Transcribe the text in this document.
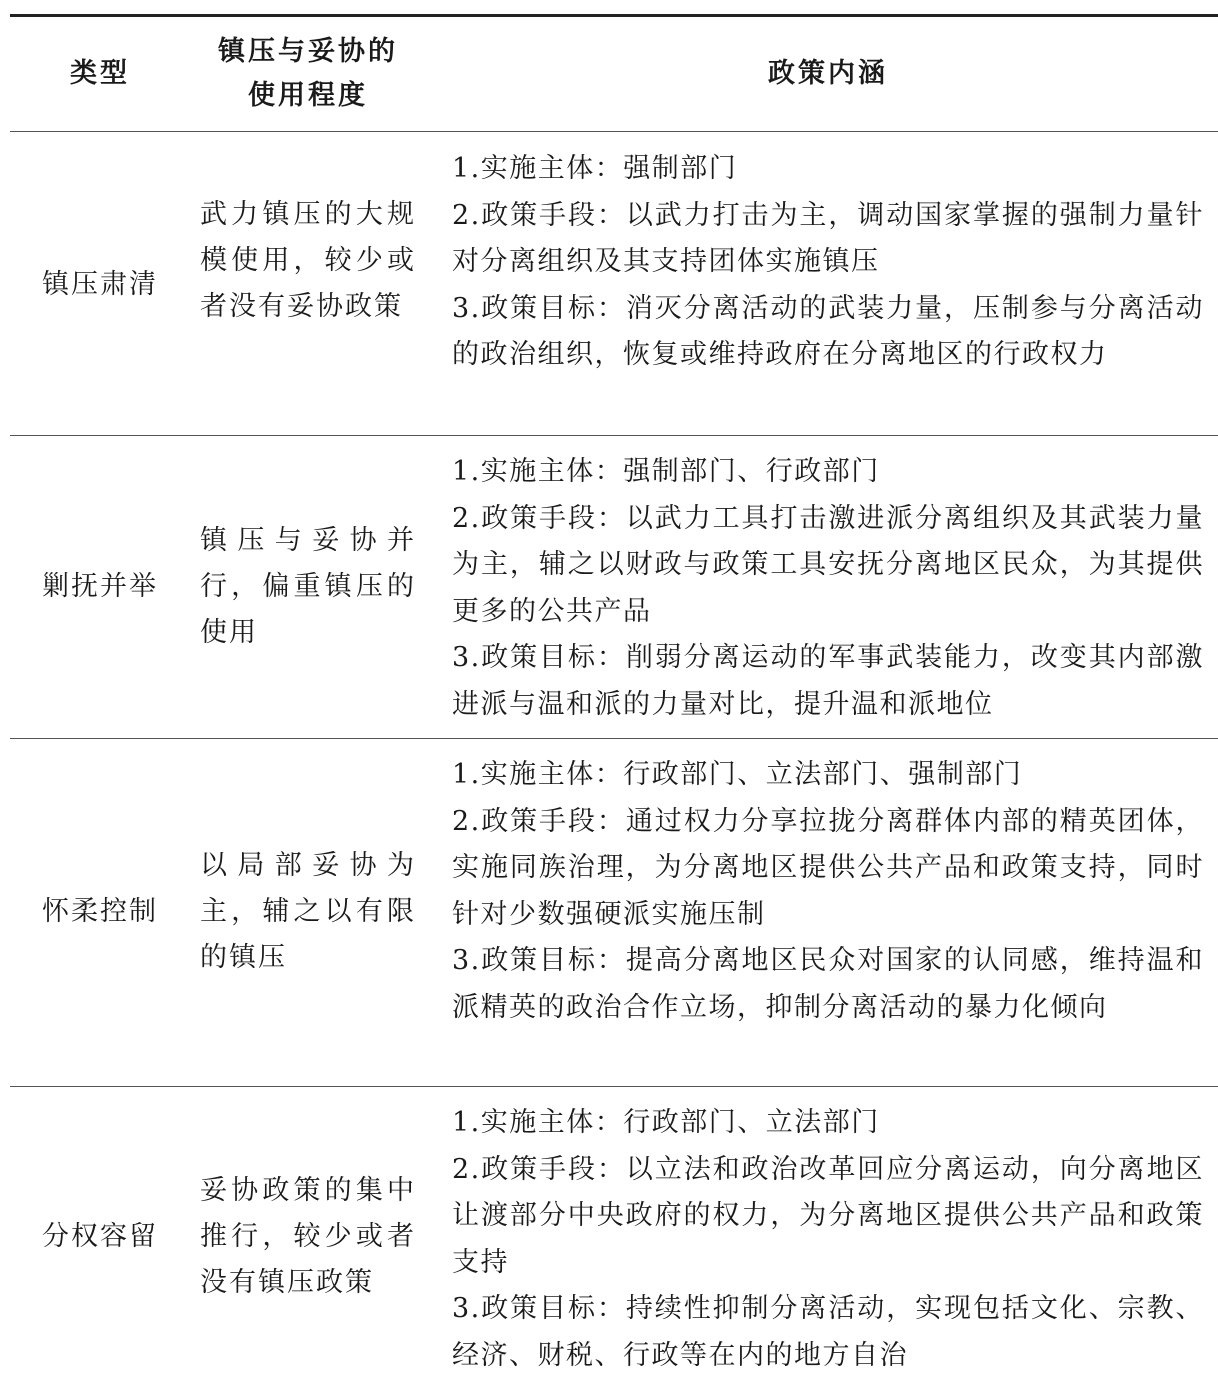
类型
镇压与妥协的
使用程度
政策内涵
镇压肃清
武力镇压的大规模使用，较少或者没有妥协政策
1.实施主体：强制部门
2.政策手段：以武力打击为主，调动国家掌握的强制力量针对分离组织及其支持团体实施镇压
3.政策目标：消灭分离活动的武装力量，压制参与分离活动的政治组织，恢复或维持政府在分离地区的行政权力
剿抚并举
镇压与妥协并行，偏重镇压的使用
1.实施主体：强制部门、行政部门
2.政策手段：以武力工具打击激进派分离组织及其武装力量为主，辅之以财政与政策工具安抚分离地区民众，为其提供更多的公共产品
3.政策目标：削弱分离运动的军事武装能力，改变其内部激进派与温和派的力量对比，提升温和派地位
怀柔控制
以局部妥协为主，辅之以有限的镇压
1.实施主体：行政部门、立法部门、强制部门
2.政策手段：通过权力分享拉拢分离群体内部的精英团体，实施同族治理，为分离地区提供公共产品和政策支持，同时针对少数强硬派实施压制
3.政策目标：提高分离地区民众对国家的认同感，维持温和派精英的政治合作立场，抑制分离活动的暴力化倾向
分权容留
妥协政策的集中推行，较少或者没有镇压政策
1.实施主体：行政部门、立法部门
2.政策手段：以立法和政治改革回应分离运动，向分离地区让渡部分中央政府的权力，为分离地区提供公共产品和政策支持
3.政策目标：持续性抑制分离活动，实现包括文化、宗教、经济、财税、行政等在内的地方自治
